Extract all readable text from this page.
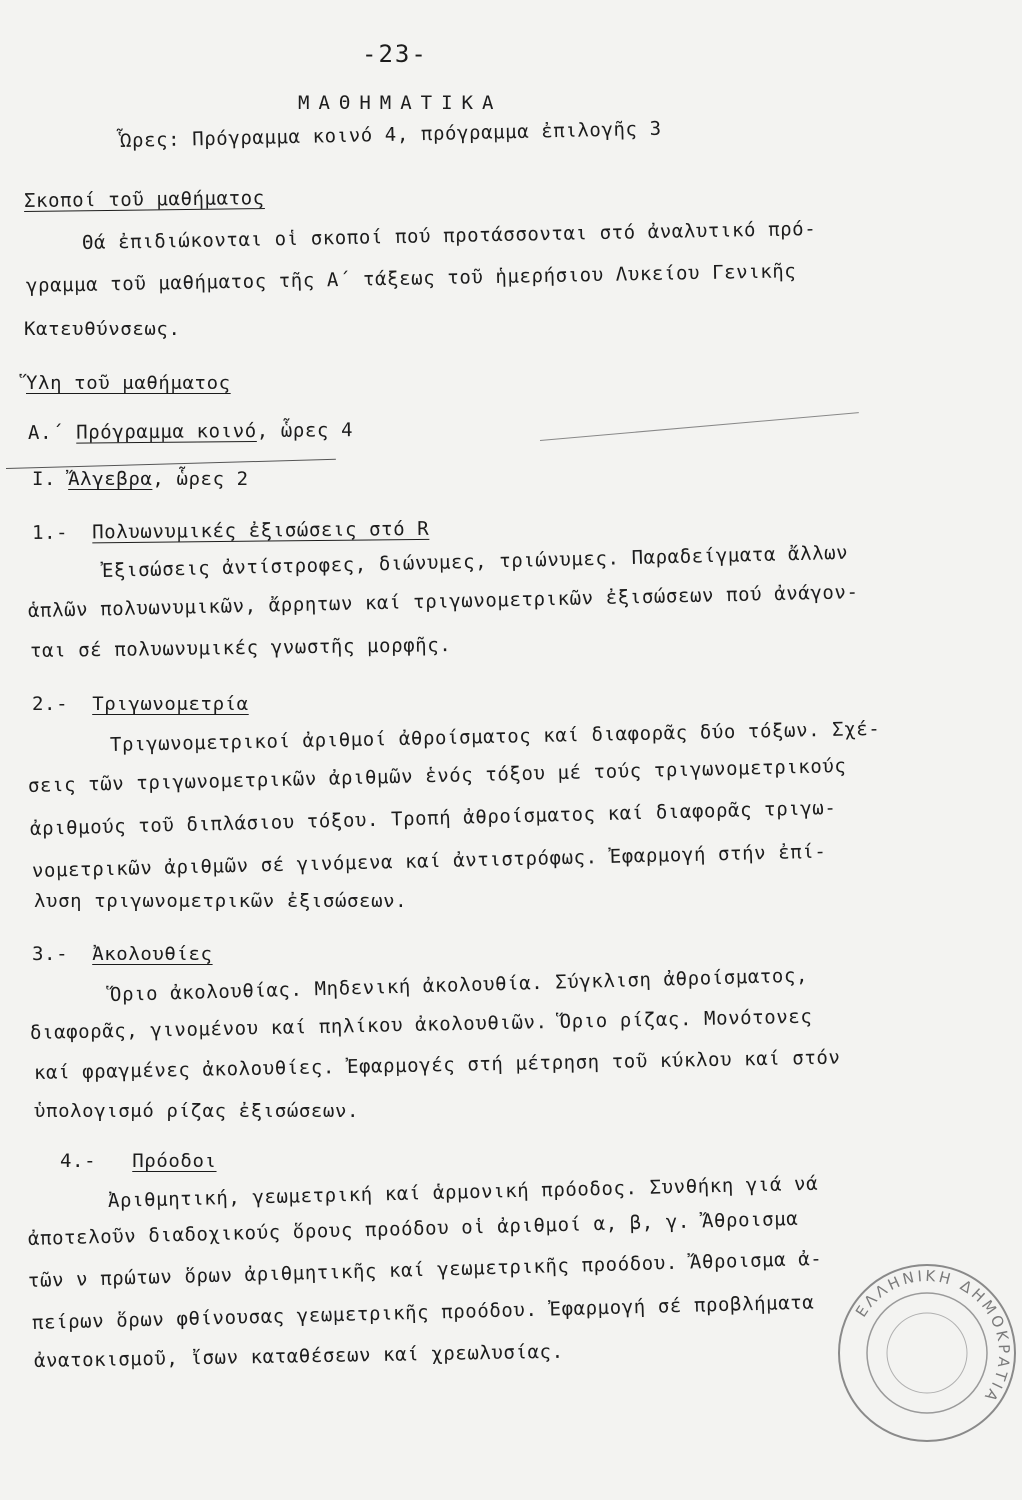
-23-
ΜΑΘΗΜΑΤΙΚΑ
Ὧρες: Πρόγραμμα κοινό 4, πρόγραμμα ἐπιλογῆς 3
Σκοποί τοῦ μαθήματος
Θά ἐπιδιώκονται οἱ σκοποί πού προτάσσονται στό ἀναλυτικό πρό-
γραμμα τοῦ μαθήματος τῆς Α΄ τάξεως τοῦ ἡμερήσιου Λυκείου Γενικῆς
Κατευθύνσεως.
Ὕλη τοῦ μαθήματος
Α.΄ Πρόγραμμα κοινό, ὧρες 4
Ι. Ἄλγεβρα, ὧρες 2
1.- Πολυωνυμικές ἐξισώσεις στό R
Ἐξισώσεις ἀντίστροφες, διώνυμες, τριώνυμες. Παραδείγματα ἄλλων
ἁπλῶν πολυωνυμικῶν, ἄρρητων καί τριγωνομετρικῶν ἐξισώσεων πού ἀνάγον-
ται σέ πολυωνυμικές γνωστῆς μορφῆς.
2.- Τριγωνομετρία
Τριγωνομετρικοί ἀριθμοί ἀθροίσματος καί διαφορᾶς δύο τόξων. Σχέ-
σεις τῶν τριγωνομετρικῶν ἀριθμῶν ἑνός τόξου μέ τούς τριγωνομετρικούς
ἀριθμούς τοῦ διπλάσιου τόξου. Τροπή ἀθροίσματος καί διαφορᾶς τριγω-
νομετρικῶν ἀριθμῶν σέ γινόμενα καί ἀντιστρόφως. Ἐφαρμογή στήν ἐπί-
λυση τριγωνομετρικῶν ἐξισώσεων.
3.- Ἀκολουθίες
Ὅριο ἀκολουθίας. Μηδενική ἀκολουθία. Σύγκλιση ἀθροίσματος,
διαφορᾶς, γινομένου καί πηλίκου ἀκολουθιῶν. Ὅριο ρίζας. Μονότονες
καί φραγμένες ἀκολουθίες. Ἐφαρμογές στή μέτρηση τοῦ κύκλου καί στόν
ὑπολογισμό ρίζας ἐξισώσεων.
4.- Πρόοδοι
Ἀριθμητική, γεωμετρική καί ἁρμονική πρόοδος. Συνθήκη γιά νά
ἀποτελοῦν διαδοχικούς ὅρους προόδου οἱ ἀριθμοί α, β, γ. Ἄθροισμα
τῶν ν πρώτων ὅρων ἀριθμητικῆς καί γεωμετρικῆς προόδου. Ἄθροισμα ἀ-
πείρων ὅρων φθίνουσας γεωμετρικῆς προόδου. Ἐφαρμογή σέ προβλήματα
ἀνατοκισμοῦ, ἴσων καταθέσεων καί χρεωλυσίας.
ΕΛΛΗΝΙΚΗ ΔΗΜΟΚΡΑΤΙΑ
